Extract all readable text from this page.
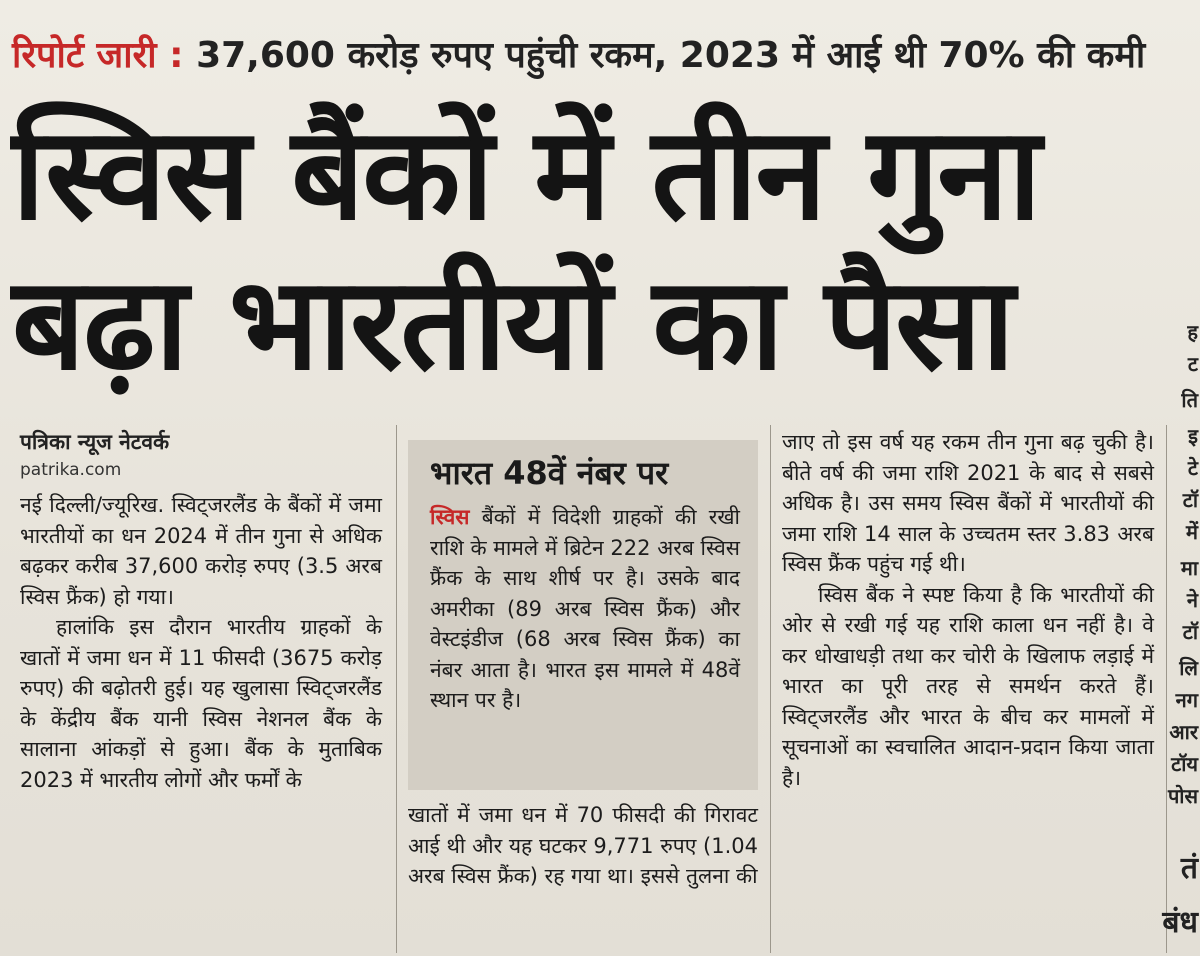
रिपोर्ट जारी : 37,600 करोड़ रुपए पहुंची रकम, 2023 में आई थी 70% की कमी
स्विस बैंकों में तीन गुना
बढ़ा भारतीयों का पैसा
पत्रिका न्यूज नेटवर्क
patrika.com

नई दिल्ली/ज्यूरिख. स्विट्जरलैंड के बैंकों में जमा भारतीयों का धन 2024 में तीन गुना से अधिक बढ़कर करीब 37,600 करोड़ रुपए (3.5 अरब स्विस फ्रैंक) हो गया।

हालांकि इस दौरान भारतीय ग्राहकों के खातों में जमा धन में 11 फीसदी (3675 करोड़ रुपए) की बढ़ोतरी हुई। यह खुलासा स्विट्जरलैंड के केंद्रीय बैंक यानी स्विस नेशनल बैंक के सालाना आंकड़ों से हुआ। बैंक के मुताबिक 2023 में भारतीय लोगों और फर्मों के

भारत 48वें नंबर पर
स्विस बैंकों में विदेशी ग्राहकों की रखी राशि के मामले में ब्रिटेन 222 अरब स्विस फ्रैंक के साथ शीर्ष पर है। उसके बाद अमरीका (89 अरब स्विस फ्रैंक) और वेस्टइंडीज (68 अरब स्विस फ्रैंक) का नंबर आता है। भारत इस मामले में 48वें स्थान पर है।

खातों में जमा धन में 70 फीसदी की गिरावट आई थी और यह घटकर 9,771 रुपए (1.04 अरब स्विस फ्रैंक) रह गया था। इससे तुलना की

जाए तो इस वर्ष यह रकम तीन गुना बढ़ चुकी है। बीते वर्ष की जमा राशि 2021 के बाद से सबसे अधिक है। उस समय स्विस बैंकों में भारतीयों की जमा राशि 14 साल के उच्चतम स्तर 3.83 अरब स्विस फ्रैंक पहुंच गई थी।

स्विस बैंक ने स्पष्ट किया है कि भारतीयों की ओर से रखी गई यह राशि काला धन नहीं है। वे कर धोखाधड़ी तथा कर चोरी के खिलाफ लड़ाई में भारत का पूरी तरह से समर्थन करते हैं। स्विट्जरलैंड और भारत के बीच कर मामलों में सूचनाओं का स्वचालित आदान-प्रदान किया जाता है।

ह
ट
ति
इ
टे
टॉ
में
मा
ने
टॉ
लि
नग
आर
टॉय
पोस
तं
बंध
